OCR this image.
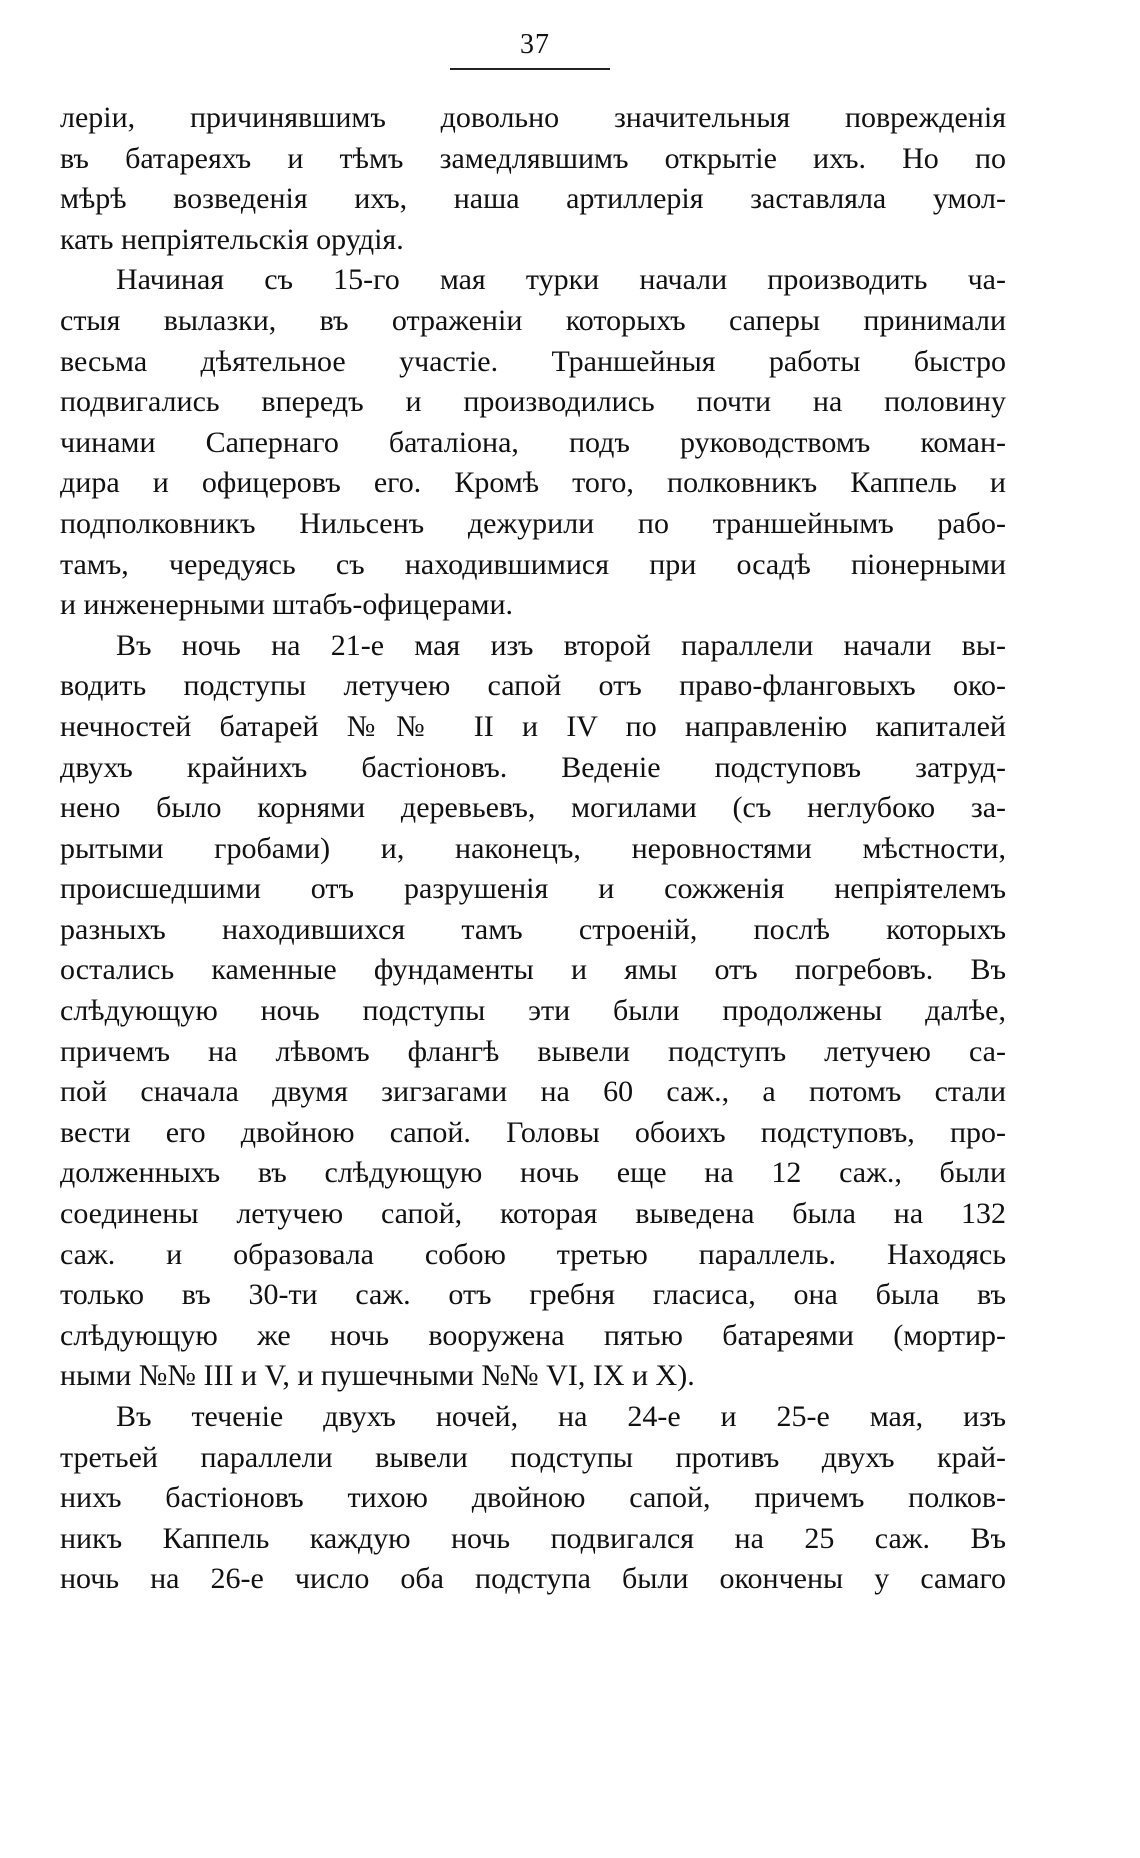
37
леріи, причинявшимъ довольно значительныя поврежденія
въ батареяхъ и тѣмъ замедлявшимъ открытіе ихъ. Но по
мѣрѣ возведенія ихъ, наша артиллерія заставляла умол-
кать непріятельскія орудія.
Начиная съ 15-го мая турки начали производить ча-
стыя вылазки, въ отраженіи которыхъ саперы принимали
весьма дѣятельное участіе. Траншейныя работы быстро
подвигались впередъ и производились почти на половину
чинами Сапернаго баталіона, подъ руководствомъ коман-
дира и офицеровъ его. Кромѣ того, полковникъ Каппель и
подполковникъ Нильсенъ дежурили по траншейнымъ рабо-
тамъ, чередуясь съ находившимися при осадѣ піонерными
и инженерными штабъ-офицерами.
Въ ночь на 21-е мая изъ второй параллели начали вы-
водить подступы летучею сапой отъ право-фланговыхъ око-
нечностей батарей №№ II и IV по направленію капиталей
двухъ крайнихъ бастіоновъ. Веденіе подступовъ затруд-
нено было корнями деревьевъ, могилами (съ неглубоко за-
рытыми гробами) и, наконецъ, неровностями мѣстности,
происшедшими отъ разрушенія и сожженія непріятелемъ
разныхъ находившихся тамъ строеній, послѣ которыхъ
остались каменные фундаменты и ямы отъ погребовъ. Въ
слѣдующую ночь подступы эти были продолжены далѣе,
причемъ на лѣвомъ флангѣ вывели подступъ летучею са-
пой сначала двумя зигзагами на 60 саж., а потомъ стали
вести его двойною сапой. Головы обоихъ подступовъ, про-
долженныхъ въ слѣдующую ночь еще на 12 саж., были
соединены летучею сапой, которая выведена была на 132
саж. и образовала собою третью параллель. Находясь
только въ 30-ти саж. отъ гребня гласиса, она была въ
слѣдующую же ночь вооружена пятью батареями (мортир-
ными №№ III и V, и пушечными №№ VI, IX и X).
Въ теченіе двухъ ночей, на 24-е и 25-е мая, изъ
третьей параллели вывели подступы противъ двухъ край-
нихъ бастіоновъ тихою двойною сапой, причемъ полков-
никъ Каппель каждую ночь подвигался на 25 саж. Въ
ночь на 26-е число оба подступа были окончены у самаго
